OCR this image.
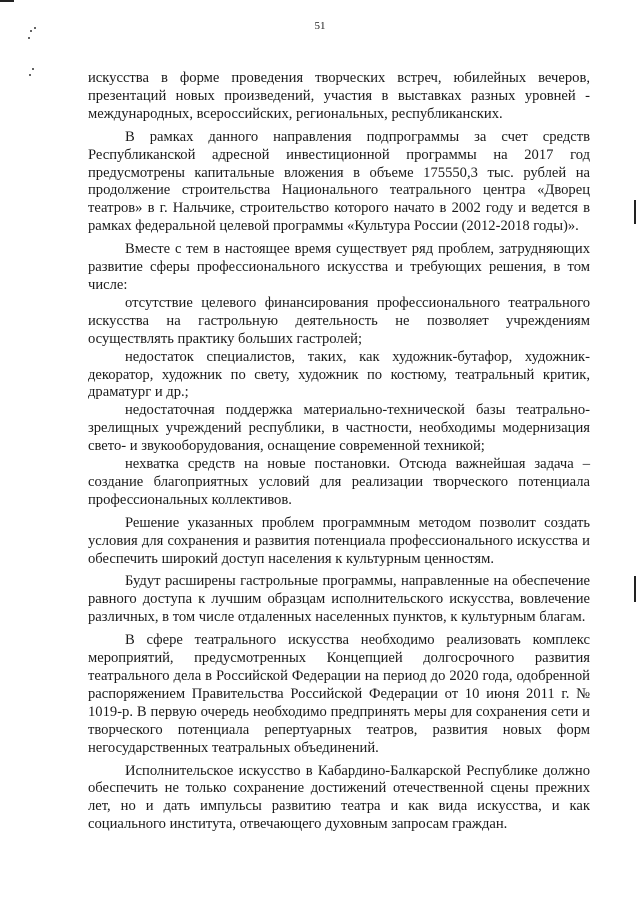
51

искусства в форме проведения творческих встреч, юбилейных вечеров, презентаций новых произведений, участия в выставках разных уровней - международных, всероссийских, региональных, республиканских.

В рамках данного направления подпрограммы за счет средств Республиканской адресной инвестиционной программы на 2017 год предусмотрены капитальные вложения в объеме 175550,3 тыс. рублей на продолжение строительства Национального театрального центра «Дворец театров» в г. Нальчике, строительство которого начато в 2002 году и ведется в рамках федеральной целевой программы «Культура России (2012-2018 годы)».

Вместе с тем в настоящее время существует ряд проблем, затрудняющих развитие сферы профессионального искусства и требующих решения, в том числе:

отсутствие целевого финансирования профессионального театрального искусства на гастрольную деятельность не позволяет учреждениям осуществлять практику больших гастролей;

недостаток специалистов, таких, как художник-бутафор, художник-декоратор, художник по свету, художник по костюму, театральный критик, драматург и др.;

недостаточная поддержка материально-технической базы театрально-зрелищных учреждений республики, в частности, необходимы модернизация свето- и звукооборудования, оснащение современной техникой;

нехватка средств на новые постановки. Отсюда важнейшая задача – создание благоприятных условий для реализации творческого потенциала профессиональных коллективов.

Решение указанных проблем программным методом позволит создать условия для сохранения и развития потенциала профессионального искусства и обеспечить широкий доступ населения к культурным ценностям.

Будут расширены гастрольные программы, направленные на обеспечение равного доступа к лучшим образцам исполнительского искусства, вовлечение различных, в том числе отдаленных населенных пунктов, к культурным благам.

В сфере театрального искусства необходимо реализовать комплекс мероприятий, предусмотренных Концепцией долгосрочного развития театрального дела в Российской Федерации на период до 2020 года, одобренной распоряжением Правительства Российской Федерации от 10 июня 2011 г. № 1019-р. В первую очередь необходимо предпринять меры для сохранения сети и творческого потенциала репертуарных театров, развития новых форм негосударственных театральных объединений.

Исполнительское искусство в Кабардино-Балкарской Республике должно обеспечить не только сохранение достижений отечественной сцены прежних лет, но и дать импульсы развитию театра и как вида искусства, и как социального института, отвечающего духовным запросам граждан.
